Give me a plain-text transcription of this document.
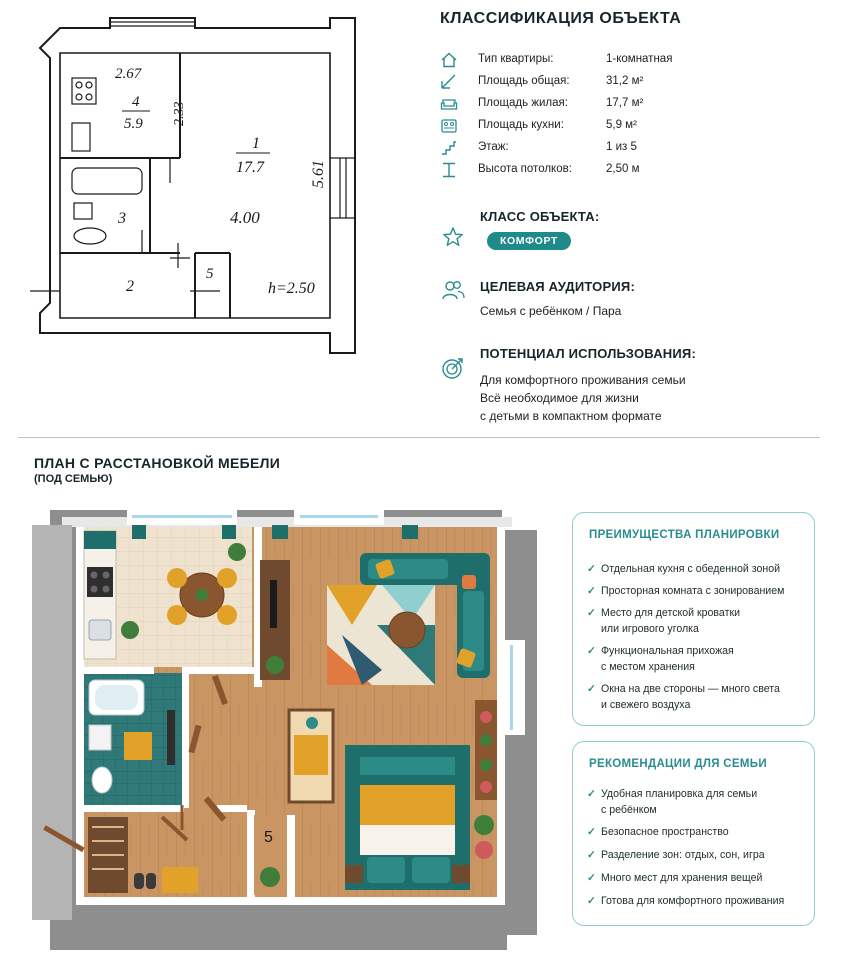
2.67
4
5.9 2.33
1
17.7	5.61
4.00
3
2
5
h=2.50
КЛАССИФИКАЦИЯ ОБЪЕКТА
Тип квартиры:	1-комнатная
Площадь общая:	31,2 м²
Площадь жилая:	17,7 м²
Площадь кухни:	5,9 м²
Этаж:	1 из 5
Высота потолков:	2,50 м
КЛАСС ОБЪЕКТА:
КОМФОРТ
ЦЕЛЕВАЯ АУДИТОРИЯ:
Семья с ребёнком / Пара
ПОТЕНЦИАЛ ИСПОЛЬЗОВАНИЯ:
Для комфортного проживания семьи
Всё необходимое для жизни
с детьми в компактном формате
ПЛАН С РАССТАНОВКОЙ МЕБЕЛИ
(ПОД СЕМЬЮ)
5
ПРЕИМУЩЕСТВА ПЛАНИРОВКИ
✓ Отдельная кухня с обеденной зоной
✓ Просторная комната с зонированием
✓ Место для детской кроватки
или игрового уголка
✓ Функциональная прихожая
с местом хранения
✓ Окна на две стороны — много света
и свежего воздуха
РЕКОМЕНДАЦИИ ДЛЯ СЕМЬИ
✓ Удобная планировка для семьи
с ребёнком
✓ Безопасное пространство
✓ Разделение зон: отдых, сон, игра
✓ Много мест для хранения вещей
✓ Готова для комфортного проживания
